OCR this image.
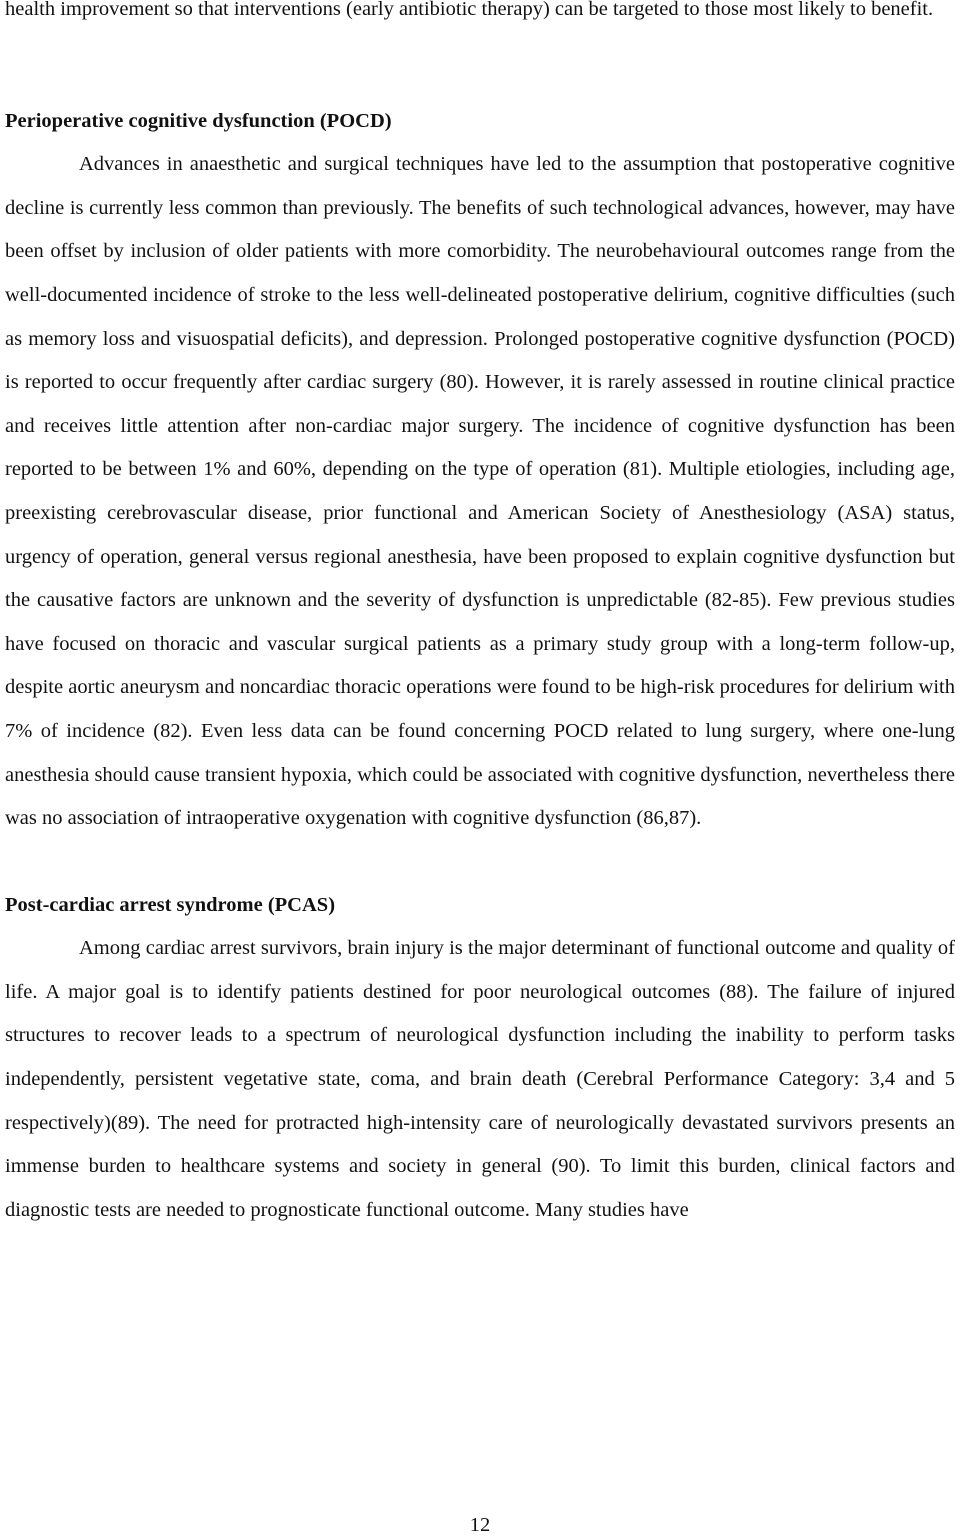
health improvement so that interventions (early antibiotic therapy) can be targeted to those most likely to benefit.

Perioperative cognitive dysfunction (POCD)

Advances in anaesthetic and surgical techniques have led to the assumption that postoperative cognitive decline is currently less common than previously. The benefits of such technological advances, however, may have been offset by inclusion of older patients with more comorbidity. The neurobehavioural outcomes range from the well-documented incidence of stroke to the less well-delineated postoperative delirium, cognitive difficulties (such as memory loss and visuospatial deficits), and depression. Prolonged postoperative cognitive dysfunction (POCD) is reported to occur frequently after cardiac surgery (80). However, it is rarely assessed in routine clinical practice and receives little attention after non-cardiac major surgery. The incidence of cognitive dysfunction has been reported to be between 1% and 60%, depending on the type of operation (81). Multiple etiologies, including age, preexisting cerebrovascular disease, prior functional and American Society of Anesthesiology (ASA) status, urgency of operation, general versus regional anesthesia, have been proposed to explain cognitive dysfunction but the causative factors are unknown and the severity of dysfunction is unpredictable (82-85). Few previous studies have focused on thoracic and vascular surgical patients as a primary study group with a long-term follow-up, despite aortic aneurysm and noncardiac thoracic operations were found to be high-risk procedures for delirium with 7% of incidence (82). Even less data can be found concerning POCD related to lung surgery, where one-lung anesthesia should cause transient hypoxia, which could be associated with cognitive dysfunction, nevertheless there was no association of intraoperative oxygenation with cognitive dysfunction (86,87).

Post-cardiac arrest syndrome (PCAS)

Among cardiac arrest survivors, brain injury is the major determinant of functional outcome and quality of life. A major goal is to identify patients destined for poor neurological outcomes (88). The failure of injured structures to recover leads to a spectrum of neurological dysfunction including the inability to perform tasks independently, persistent vegetative state, coma, and brain death (Cerebral Performance Category: 3,4 and 5 respectively)(89). The need for protracted high-intensity care of neurologically devastated survivors presents an immense burden to healthcare systems and society in general (90). To limit this burden, clinical factors and diagnostic tests are needed to prognosticate functional outcome. Many studies have

12
